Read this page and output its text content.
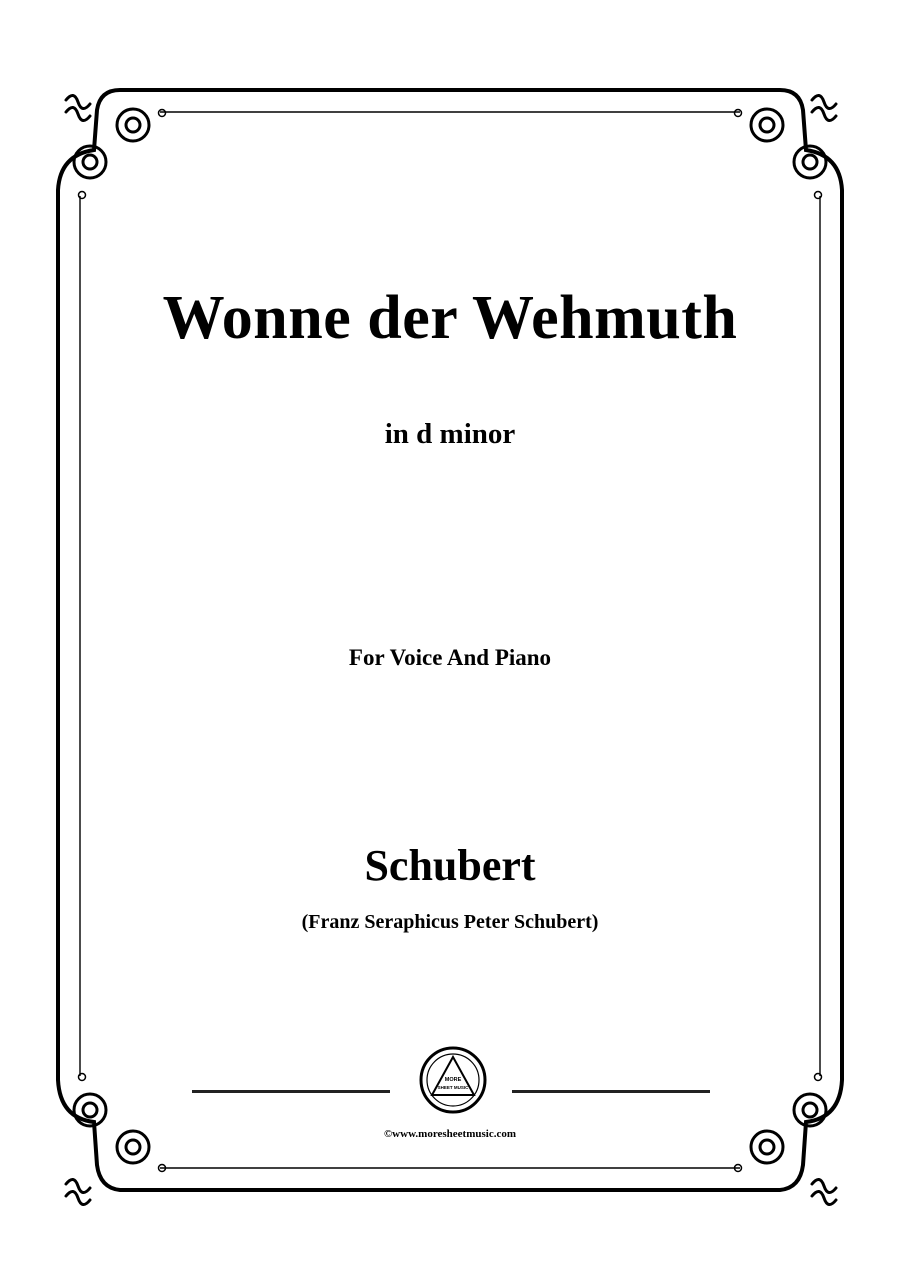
Wonne der Wehmuth
in d minor
For Voice And Piano
Schubert
(Franz Seraphicus Peter Schubert)
MORE
SHEET MUSIC
©www.moresheetmusic.com
